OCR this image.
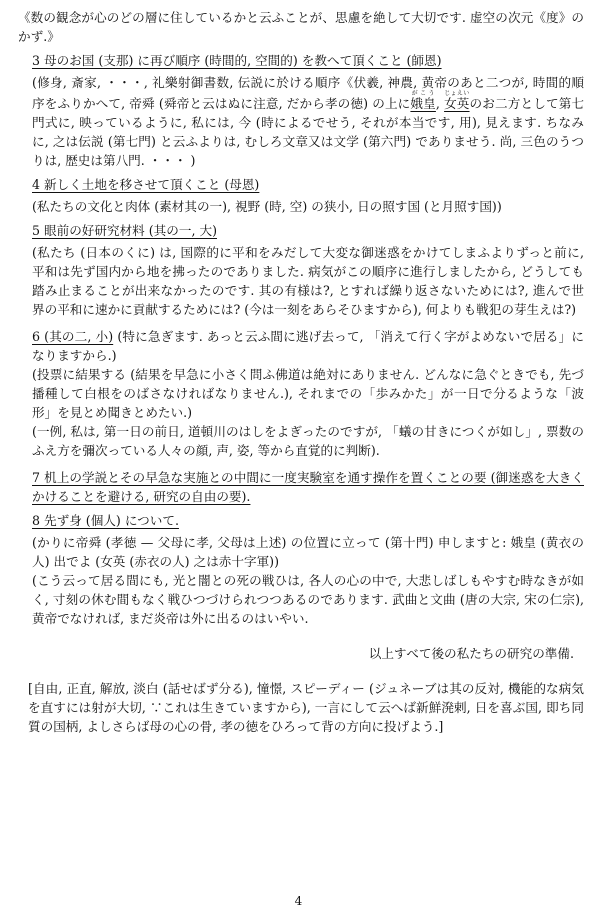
《数の観念が心のどの層に住しているかと云ふことが、思慮を絶して大切です. 虚空の次元《度》のかず.》

3 母のお国 (支那) に再び順序 (時間的, 空間的) を教へて頂くこと (師恩)

(修身, 斎家, ・・・, 礼樂射御書数, 伝説に於ける順序《伏羲, 神農, 黄帝のあと二つが, 時間的順序をふりかへて, 帝舜 (舜帝と云はぬに注意, だから孝の徳) の上に娥皇がこう, 女英じょえいのお二方として第七門式に, 映っているように, 私には, 今 (時によるでせう, それが本当です, 用), 見えます. ちなみに, 之は伝説 (第七門) と云ふよりは, むしろ文章又は文学 (第六門) でありませう. 尚, 三色のうつりは, 歴史は第八門. ・・・ )

4 新しく土地を移させて頂くこと (母恩)

(私たちの文化と肉体 (素材其の一), 視野 (時, 空) の狭小, 日の照す国 (と月照す国))

5 眼前の好研究材料 (其の一, 大)

(私たち (日本のくに) は, 国際的に平和をみだして大変な御迷惑をかけてしまふよりずっと前に, 平和は先ず国内から地を拂ったのでありました. 病気がこの順序に進行しましたから, どうしても踏み止まることが出来なかったのです. 其の有様は?, とすれば繰り返さないためには?, 進んで世界の平和に速かに貢献するためには? (今は一刻をあらそひますから), 何よりも戦犯の芽生えは?)

6 (其の二, 小) (特に急ぎます. あっと云ふ間に逃げ去って, 「消えて行く字がよめないで居る」になりますから.)

(投票に結果する (結果を早急に小さく問ふ佛道は絶対にありません. どんなに急ぐときでも, 先づ播種して白根をのばさなければなりません.), それまでの「歩みかた」が一日で分るような「波形」を見とめ聞きとめたい.)

(一例, 私は, 第一日の前日, 道頓川のはしをよぎったのですが, 「蟻の甘きにつくが如し」, 票数のふえ方を彌次っている人々の顔, 声, 姿, 等から直覚的に判断).

7 机上の学説とその早急な実施との中間に一度実験室を通す操作を置くことの要 (御迷惑を大きくかけることを避ける, 研究の自由の要).

8 先ず身 (個人) について.

(かりに帝舜 (孝徳 — 父母に孝, 父母は上述) の位置に立って (第十門) 申しますと: 娥皇 (黄衣の人) 出でよ (女英 (赤衣の人) 之は赤十字軍))

(こう云って居る間にも, 光と闇との死の戦ひは, 各人の心の中で, 大悲しばしもやすむ時なきが如く, 寸刻の休む間もなく戦ひつづけられつつあるのであります. 武曲と文曲 (唐の大宗, 宋の仁宗), 黄帝でなければ, まだ炎帝は外に出るのはいやい.

以上すべて後の私たちの研究の準備.

[自由, 正直, 解放, 淡白 (話せばず分る), 憧憬, スピーディー (ジュネーブは其の反対, 機能的な病気を直すには射が大切, ∵これは生きていますから), 一言にして云へば新鮮溌剌, 日を喜ぶ国, 即ち同質の国柄, よしさらば母の心の骨, 孝の徳をひろって背の方向に投げよう.]

4
